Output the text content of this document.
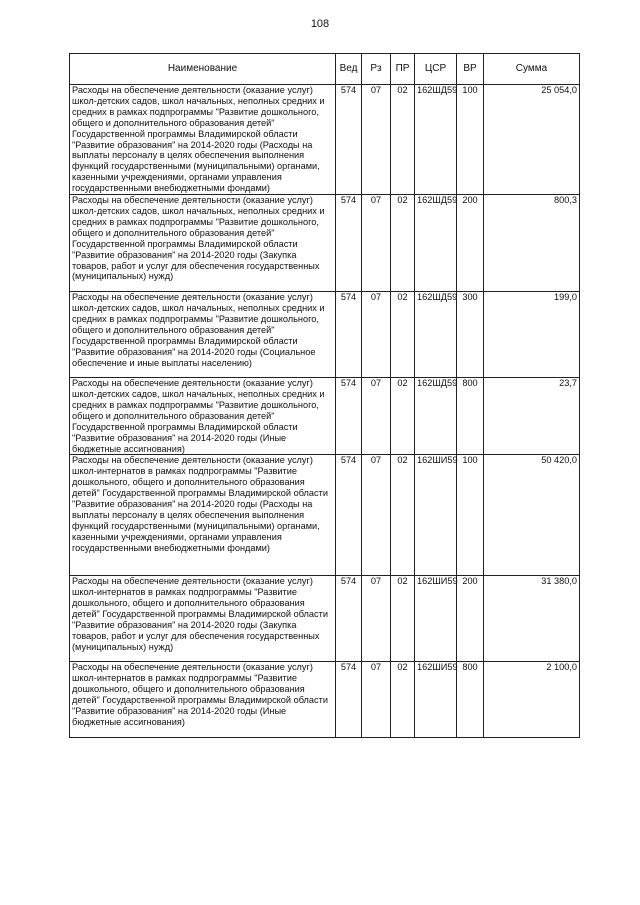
108
Наименование	Вед	Рз	ПР	ЦСР	ВР	Сумма
Расходы на обеспечение деятельности (оказание услуг) школ-детских садов, школ начальных, неполных средних и средних в рамках подпрограммы "Развитие дошкольного, общего и дополнительного образования детей" Государственной программы Владимирской области "Развитие образования" на 2014-2020 годы (Расходы на выплаты персоналу в целях обеспечения выполнения функций государственными (муниципальными) органами, казенными учреждениями, органами управления государственными внебюджетными фондами)	574	07	02	162ШД59	100	25 054,0
Расходы на обеспечение деятельности (оказание услуг) школ-детских садов, школ начальных, неполных средних и средних в рамках подпрограммы "Развитие дошкольного, общего и дополнительного образования детей" Государственной программы Владимирской области "Развитие образования" на 2014-2020 годы (Закупка товаров, работ и услуг для обеспечения государственных (муниципальных) нужд)	574	07	02	162ШД59	200	800,3
Расходы на обеспечение деятельности (оказание услуг) школ-детских садов, школ начальных, неполных средних и средних в рамках подпрограммы "Развитие дошкольного, общего и дополнительного образования детей" Государственной программы Владимирской области "Развитие образования" на 2014-2020 годы (Социальное обеспечение и иные выплаты населению)	574	07	02	162ШД59	300	199,0
Расходы на обеспечение деятельности (оказание услуг) школ-детских садов, школ начальных, неполных средних и средних в рамках подпрограммы "Развитие дошкольного, общего и дополнительного образования детей" Государственной программы Владимирской области "Развитие образования" на 2014-2020 годы (Иные бюджетные ассигнования)	574	07	02	162ШД59	800	23,7
Расходы на обеспечение деятельности (оказание услуг) школ-интернатов в рамках подпрограммы "Развитие дошкольного, общего и дополнительного образования детей" Государственной программы Владимирской области "Развитие образования" на 2014-2020 годы (Расходы на выплаты персоналу в целях обеспечения выполнения функций государственными (муниципальными) органами, казенными учреждениями, органами управления государственными внебюджетными фондами)	574	07	02	162ШИ59	100	50 420,0
Расходы на обеспечение деятельности (оказание услуг) школ-интернатов в рамках подпрограммы "Развитие дошкольного, общего и дополнительного образования детей" Государственной программы Владимирской области "Развитие образования" на 2014-2020 годы (Закупка товаров, работ и услуг для обеспечения государственных (муниципальных) нужд)	574	07	02	162ШИ59	200	31 380,0
Расходы на обеспечение деятельности (оказание услуг) школ-интернатов в рамках подпрограммы "Развитие дошкольного, общего и дополнительного образования детей" Государственной программы Владимирской области "Развитие образования" на 2014-2020 годы (Иные бюджетные ассигнования)	574	07	02	162ШИ59	800	2 100,0
